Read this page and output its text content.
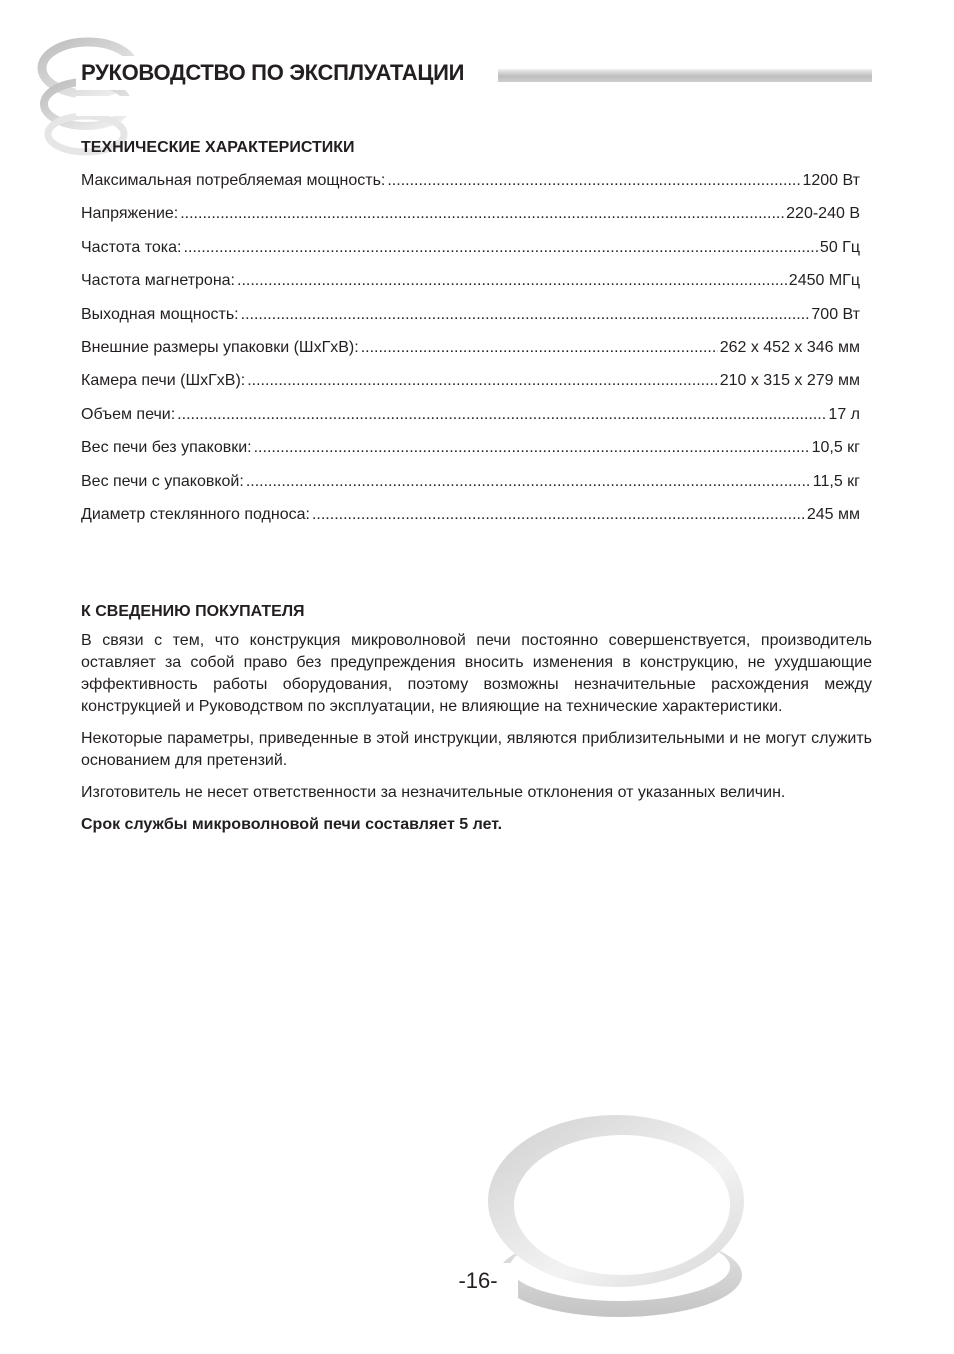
РУКОВОДСТВО ПО ЭКСПЛУАТАЦИИ
ТЕХНИЧЕСКИЕ ХАРАКТЕРИСТИКИ
Максимальная потребляемая мощность: .....	1200 Вт
Напряжение: .....	220-240 В
Частота тока: .....	50 Гц
Частота магнетрона: .....	2450 МГц
Выходная мощность: .....	700 Вт
Внешние размеры упаковки (ШхГхВ): .....	262 х 452 х 346 мм
Камера печи (ШхГхВ): .....	210 х 315 х 279 мм
Объем печи: .....	17 л
Вес печи без упаковки: .....	10,5 кг
Вес печи с упаковкой: .....	11,5 кг
Диаметр стеклянного подноса: .....	245 мм
К СВЕДЕНИЮ ПОКУПАТЕЛЯ

В связи с тем, что конструкция микроволновой печи постоянно совершенствуется, производитель оставляет за собой право без предупреждения вносить изменения в конструкцию, не ухудшающие эффективность работы оборудования, поэтому возможны незначительные расхождения между конструкцией и Руководством по эксплуатации, не влияющие на технические характеристики.

Некоторые параметры, приведенные в этой инструкции, являются приблизительными и не могут служить основанием для претензий.

Изготовитель не несет ответственности за незначительные отклонения от указанных величин.

Срок службы микроволновой печи составляет 5 лет.

-16-
